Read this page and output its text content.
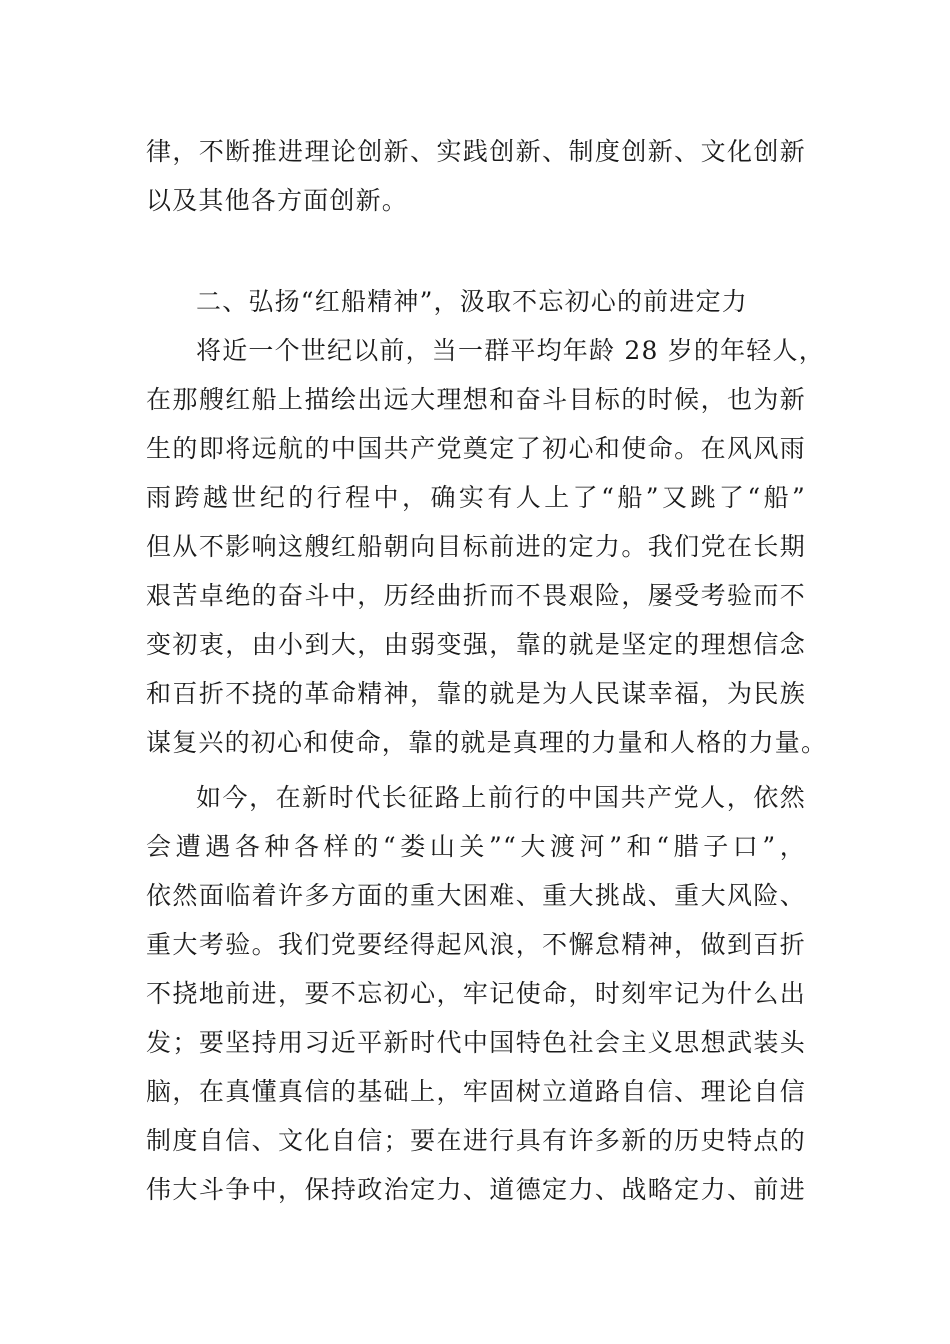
律，不断推进理论创新、实践创新、制度创新、文化创新
以及其他各方面创新。
二、弘扬“红船精神”，汲取不忘初心的前进定力
将近一个世纪以前，当一群平均年龄 28 岁的年轻人，
在那艘红船上描绘出远大理想和奋斗目标的时候，也为新
生的即将远航的中国共产党奠定了初心和使命。在风风雨
雨跨越世纪的行程中，确实有人上了“船”又跳了“船”
但从不影响这艘红船朝向目标前进的定力。我们党在长期
艰苦卓绝的奋斗中，历经曲折而不畏艰险，屡受考验而不
变初衷，由小到大，由弱变强，靠的就是坚定的理想信念
和百折不挠的革命精神，靠的就是为人民谋幸福，为民族
谋复兴的初心和使命，靠的就是真理的力量和人格的力量。
如今，在新时代长征路上前行的中国共产党人，依然
会遭遇各种各样的“娄山关”“大渡河”和“腊子口”，
依然面临着许多方面的重大困难、重大挑战、重大风险、
重大考验。我们党要经得起风浪，不懈怠精神，做到百折
不挠地前进，要不忘初心，牢记使命，时刻牢记为什么出
发；要坚持用习近平新时代中国特色社会主义思想武装头
脑，在真懂真信的基础上，牢固树立道路自信、理论自信
制度自信、文化自信；要在进行具有许多新的历史特点的
伟大斗争中，保持政治定力、道德定力、战略定力、前进
